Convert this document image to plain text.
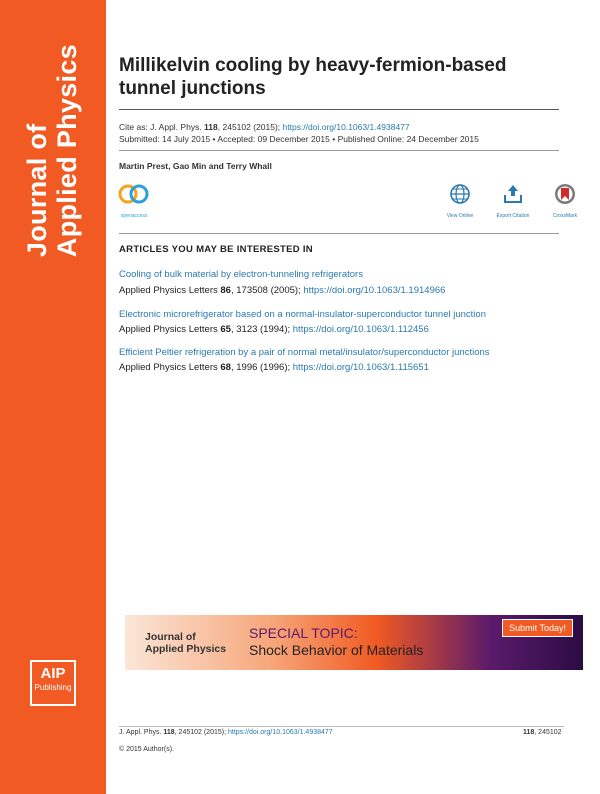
Journal of
Applied Physics
AIP
Publishing
Millikelvin cooling by heavy-fermion-based tunnel junctions
Cite as: J. Appl. Phys. 118, 245102 (2015); https://doi.org/10.1063/1.4938477
Submitted: 14 July 2015 • Accepted: 09 December 2015 • Published Online: 24 December 2015
Martin Prest, Gao Min and Terry Whall
openaccess	View Online	Export Citation	CrossMark
ARTICLES YOU MAY BE INTERESTED IN
Cooling of bulk material by electron-tunneling refrigerators
Applied Physics Letters 86, 173508 (2005); https://doi.org/10.1063/1.1914966
Electronic microrefrigerator based on a normal-insulator-superconductor tunnel junction
Applied Physics Letters 65, 3123 (1994); https://doi.org/10.1063/1.112456
Efficient Peltier refrigeration by a pair of normal metal/insulator/superconductor junctions
Applied Physics Letters 68, 1996 (1996); https://doi.org/10.1063/1.115651
Journal of
Applied Physics
SPECIAL TOPIC:
Shock Behavior of Materials
Submit Today!
J. Appl. Phys. 118, 245102 (2015); https://doi.org/10.1063/1.4938477	118, 245102
© 2015 Author(s).
